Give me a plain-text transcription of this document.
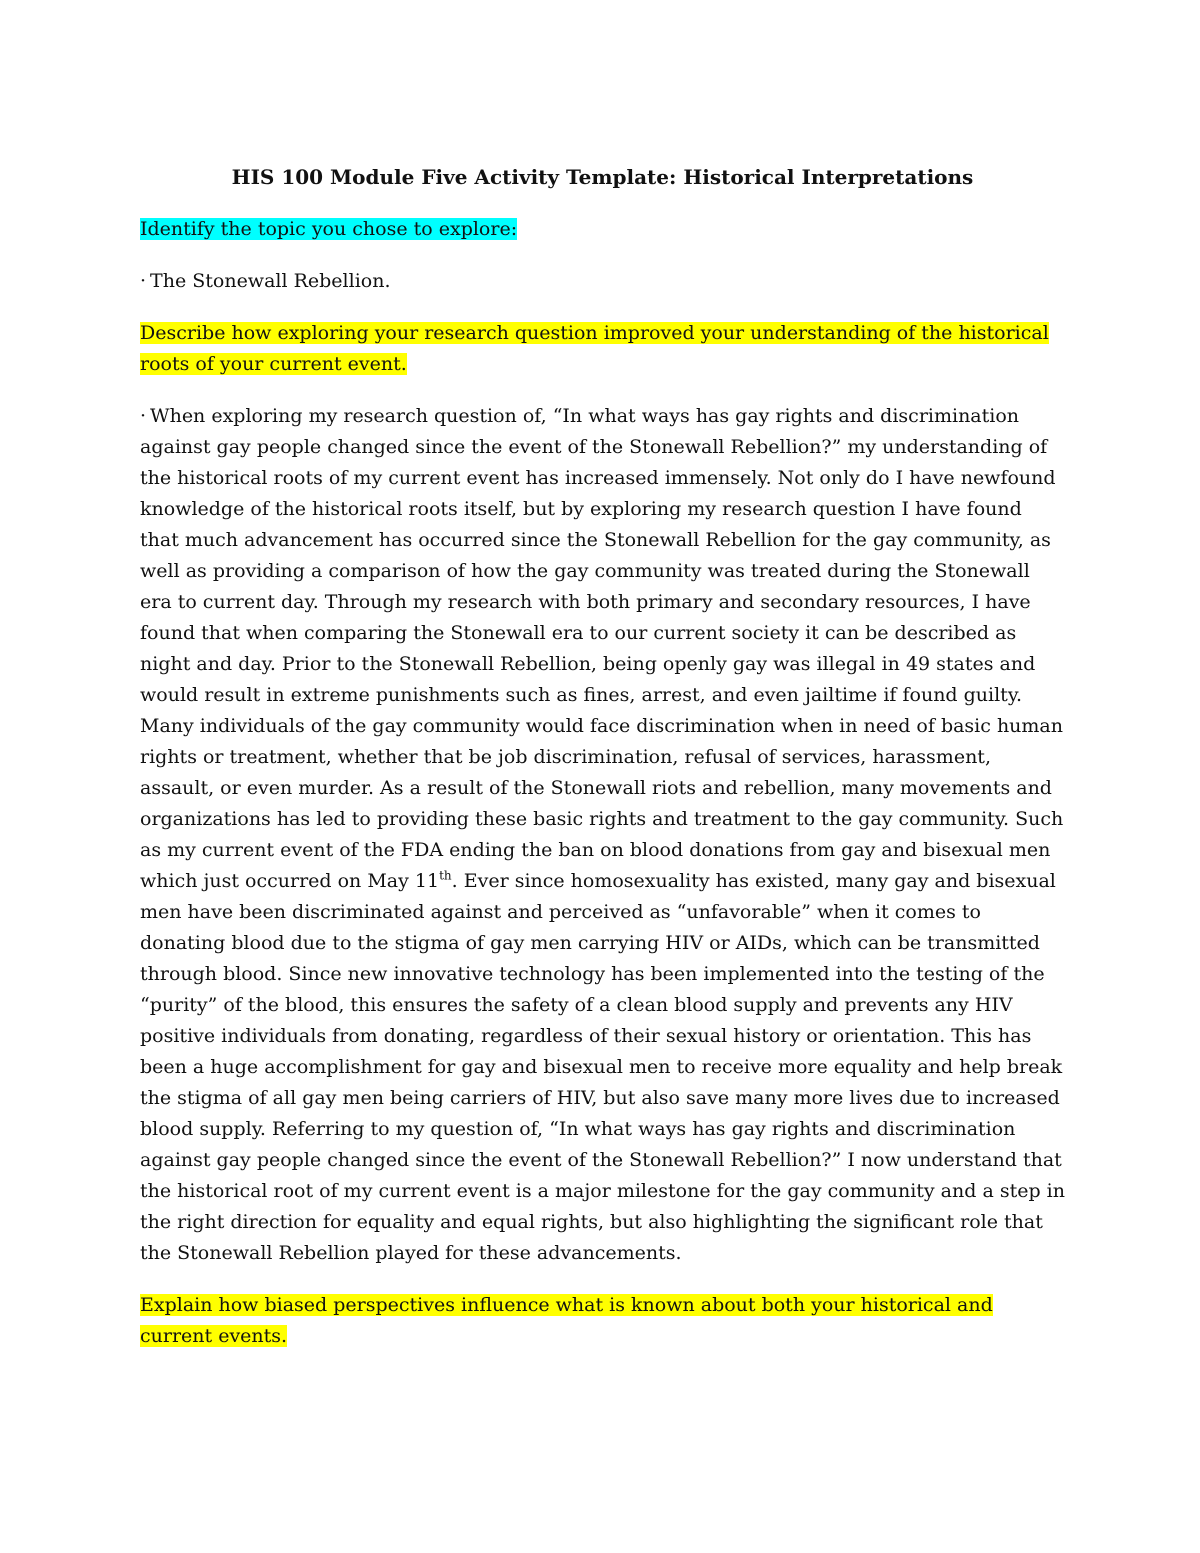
HIS 100 Module Five Activity Template: Historical Interpretations

Identify the topic you chose to explore:

· The Stonewall Rebellion.

Describe how exploring your research question improved your understanding of the historical roots of your current event.

· When exploring my research question of, “In what ways has gay rights and discrimination against gay people changed since the event of the Stonewall Rebellion?” my understanding of the historical roots of my current event has increased immensely. Not only do I have newfound knowledge of the historical roots itself, but by exploring my research question I have found that much advancement has occurred since the Stonewall Rebellion for the gay community, as well as providing a comparison of how the gay community was treated during the Stonewall era to current day. Through my research with both primary and secondary resources, I have found that when comparing the Stonewall era to our current society it can be described as night and day. Prior to the Stonewall Rebellion, being openly gay was illegal in 49 states and would result in extreme punishments such as fines, arrest, and even jailtime if found guilty. Many individuals of the gay community would face discrimination when in need of basic human rights or treatment, whether that be job discrimination, refusal of services, harassment, assault, or even murder. As a result of the Stonewall riots and rebellion, many movements and organizations has led to providing these basic rights and treatment to the gay community. Such as my current event of the FDA ending the ban on blood donations from gay and bisexual men which just occurred on May 11th. Ever since homosexuality has existed, many gay and bisexual men have been discriminated against and perceived as “unfavorable” when it comes to donating blood due to the stigma of gay men carrying HIV or AIDs, which can be transmitted through blood. Since new innovative technology has been implemented into the testing of the “purity” of the blood, this ensures the safety of a clean blood supply and prevents any HIV positive individuals from donating, regardless of their sexual history or orientation. This has been a huge accomplishment for gay and bisexual men to receive more equality and help break the stigma of all gay men being carriers of HIV, but also save many more lives due to increased blood supply. Referring to my question of, “In what ways has gay rights and discrimination against gay people changed since the event of the Stonewall Rebellion?” I now understand that the historical root of my current event is a major milestone for the gay community and a step in the right direction for equality and equal rights, but also highlighting the significant role that the Stonewall Rebellion played for these advancements.

Explain how biased perspectives influence what is known about both your historical and current events.
